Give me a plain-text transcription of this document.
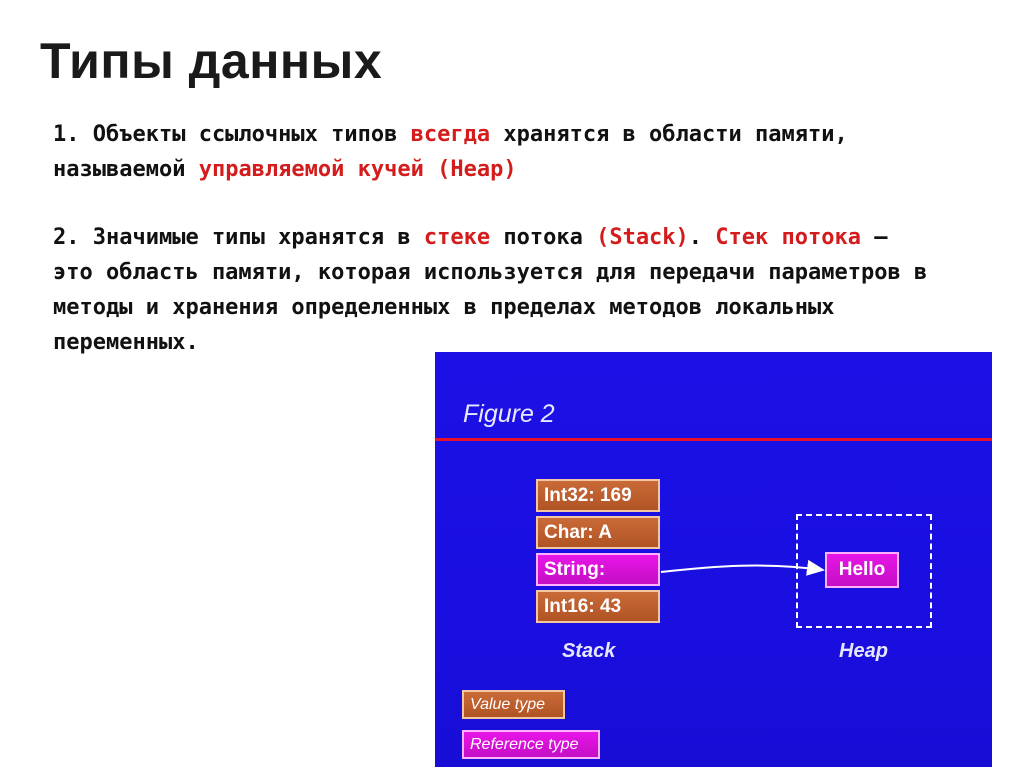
Типы данных

1. Объекты ссылочных типов всегда хранятся в области памяти, называемой управляемой кучей (Heap)

2. Значимые типы хранятся в стеке потока (Stack). Стек потока – это область памяти, которая используется для передачи параметров в методы и хранения определенных в пределах методов локальных переменных.

Figure 2
Int32: 169
Char: A
String:
Int16: 43
Hello
Stack	Heap
Value type
Reference type
